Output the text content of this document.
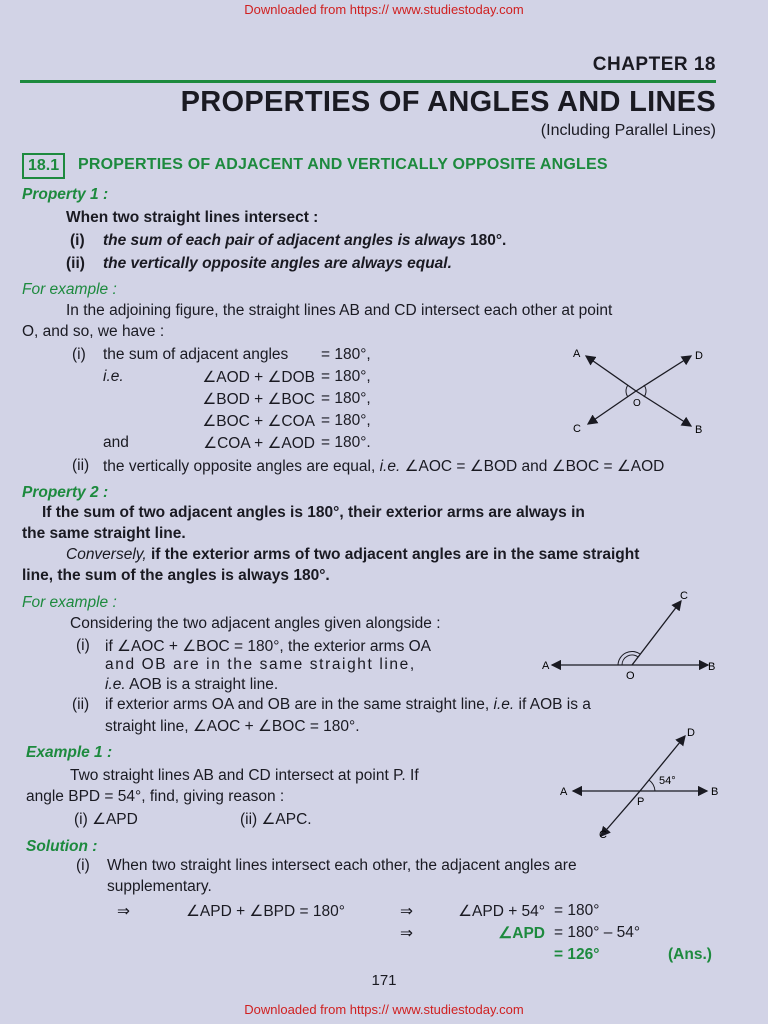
Downloaded from https:// www.studiestoday.com
CHAPTER 18
PROPERTIES OF ANGLES AND LINES
(Including Parallel Lines)
18.1	PROPERTIES OF ADJACENT AND VERTICALLY OPPOSITE ANGLES
Property 1 :
When two straight lines intersect :
(i) the sum of each pair of adjacent angles is always 180°.
(ii) the vertically opposite angles are always equal.
For example :
In the adjoining figure, the straight lines AB and CD intersect each other at point
O, and so, we have :
(i) the sum of adjacent angles = 180°,
i.e.	∠AOD + ∠DOB = 180°,
∠BOD + ∠BOC = 180°,
∠BOC + ∠COA = 180°,
and	∠COA + ∠AOD = 180°.
A	D
O
C	B
(ii) the vertically opposite angles are equal, i.e. ∠AOC = ∠BOD and ∠BOC = ∠AOD
Property 2 :
If the sum of two adjacent angles is 180°, their exterior arms are always in
the same straight line.
Conversely, if the exterior arms of two adjacent angles are in the same straight
line, the sum of the angles is always 180°.
For example :
Considering the two adjacent angles given alongside :
(i) if ∠AOC + ∠BOC = 180°, the exterior arms OA
and OB are in the same straight line,
i.e. AOB is a straight line.
C
A	B
O
(ii) if exterior arms OA and OB are in the same straight line, i.e. if AOB is a
straight line, ∠AOC + ∠BOC = 180°.
Example 1 :
Two straight lines AB and CD intersect at point P. If
angle BPD = 54°, find, giving reason :
(i) ∠APD	(ii) ∠APC.
D
54°
A	B
P
C
Solution :
(i) When two straight lines intersect each other, the adjacent angles are
supplementary.
⇒	∠APD + ∠BPD = 180°	⇒	∠APD + 54° = 180°
⇒	∠APD = 180° – 54°
= 126°	(Ans.)
171
Downloaded from https:// www.studiestoday.com
